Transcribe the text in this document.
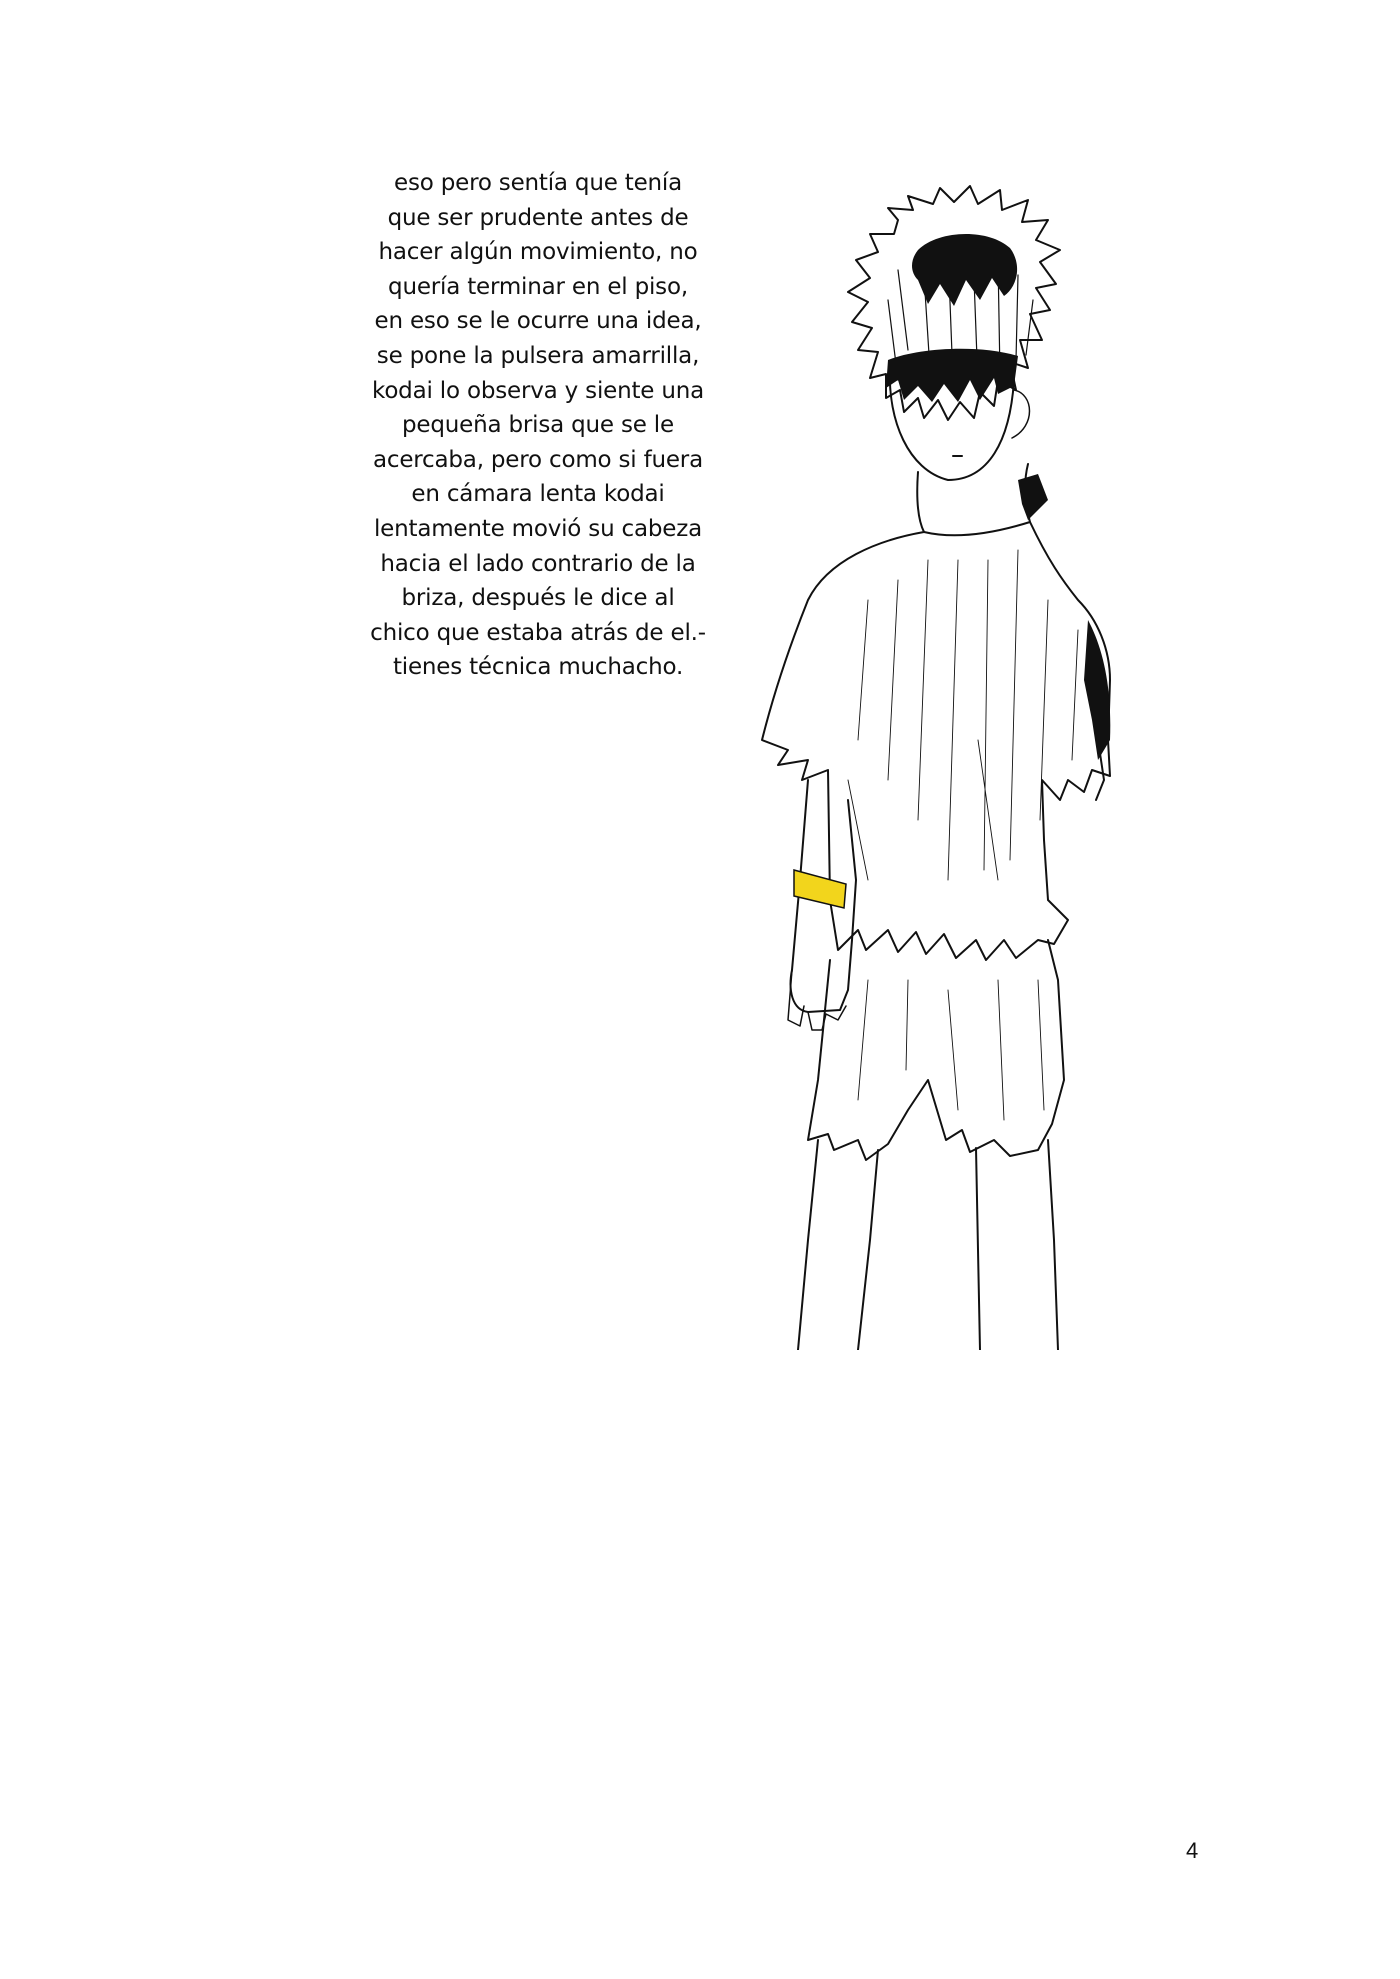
eso pero sentía que tenía
que ser prudente antes de
hacer algún movimiento, no
quería terminar en el piso,
en eso se le ocurre una idea,
se pone la pulsera amarrilla,
kodai lo observa y siente una
pequeña brisa que se le
acercaba, pero como si fuera
en cámara lenta kodai
lentamente movió su cabeza
hacia el lado contrario de la
briza, después le dice al
chico que estaba atrás de el.-
tienes técnica muchacho.
4
